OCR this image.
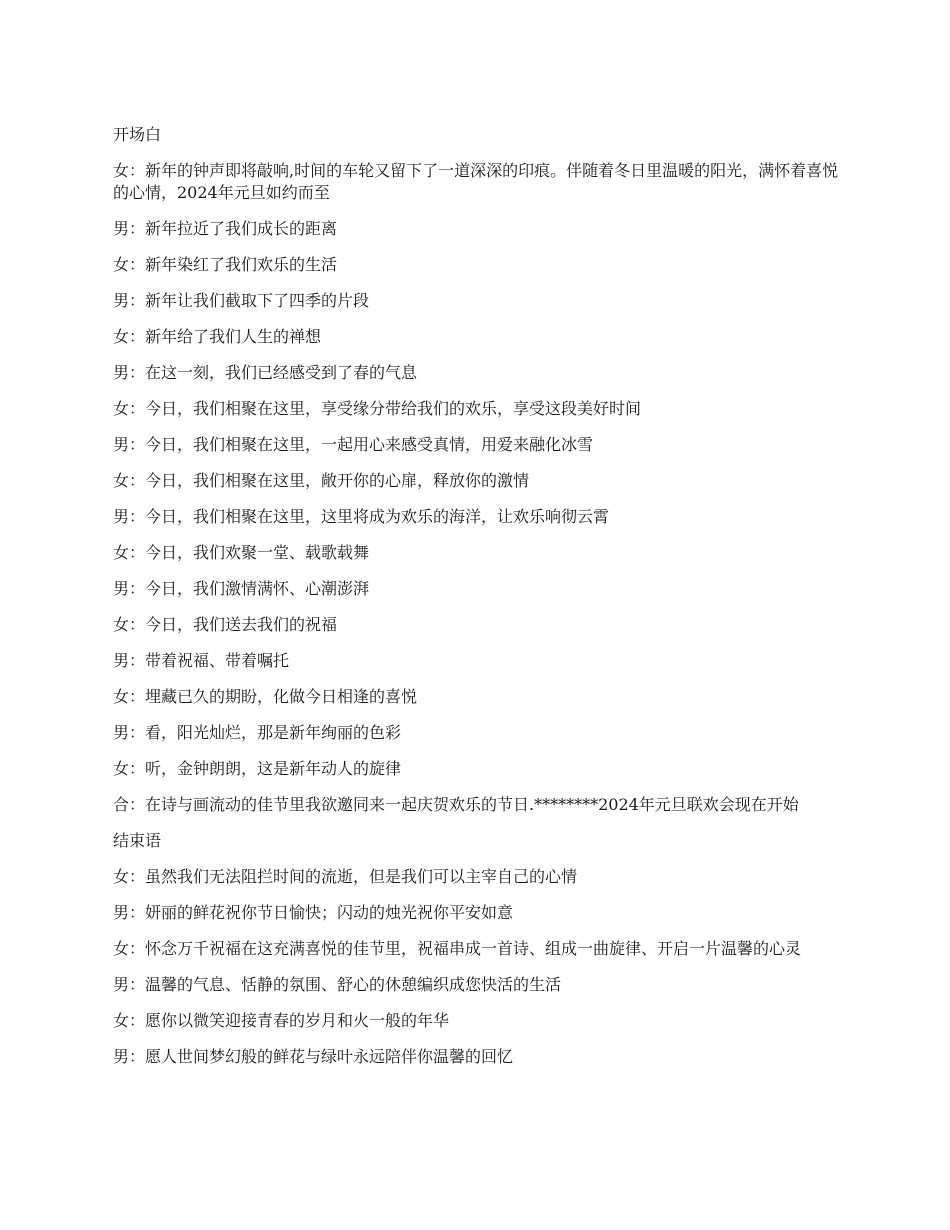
开场白

女：新年的钟声即将敲响,时间的车轮又留下了一道深深的印痕。伴随着冬日里温暖的阳光，满怀着喜悦的心情，2024年元旦如约而至

男：新年拉近了我们成长的距离

女：新年染红了我们欢乐的生活

男：新年让我们截取下了四季的片段

女：新年给了我们人生的禅想

男：在这一刻，我们已经感受到了春的气息

女：今日，我们相聚在这里，享受缘分带给我们的欢乐，享受这段美好时间

男：今日，我们相聚在这里，一起用心来感受真情，用爱来融化冰雪

女：今日，我们相聚在这里，敞开你的心扉，释放你的激情

男：今日，我们相聚在这里，这里将成为欢乐的海洋，让欢乐响彻云霄

女：今日，我们欢聚一堂、载歌载舞

男：今日，我们激情满怀、心潮澎湃

女：今日，我们送去我们的祝福

男：带着祝福、带着嘱托

女：埋藏已久的期盼，化做今日相逢的喜悦

男：看，阳光灿烂，那是新年绚丽的色彩

女：听，金钟朗朗，这是新年动人的旋律

合：在诗与画流动的佳节里我欲邀同来一起庆贺欢乐的节日.********2024年元旦联欢会现在开始

结束语

女：虽然我们无法阻拦时间的流逝，但是我们可以主宰自己的心情

男：妍丽的鲜花祝你节日愉快；闪动的烛光祝你平安如意

女：怀念万千祝福在这充满喜悦的佳节里，祝福串成一首诗、组成一曲旋律、开启一片温馨的心灵

男：温馨的气息、恬静的氛围、舒心的休憩编织成您快活的生活

女：愿你以微笑迎接青春的岁月和火一般的年华

男：愿人世间梦幻般的鲜花与绿叶永远陪伴你温馨的回忆
